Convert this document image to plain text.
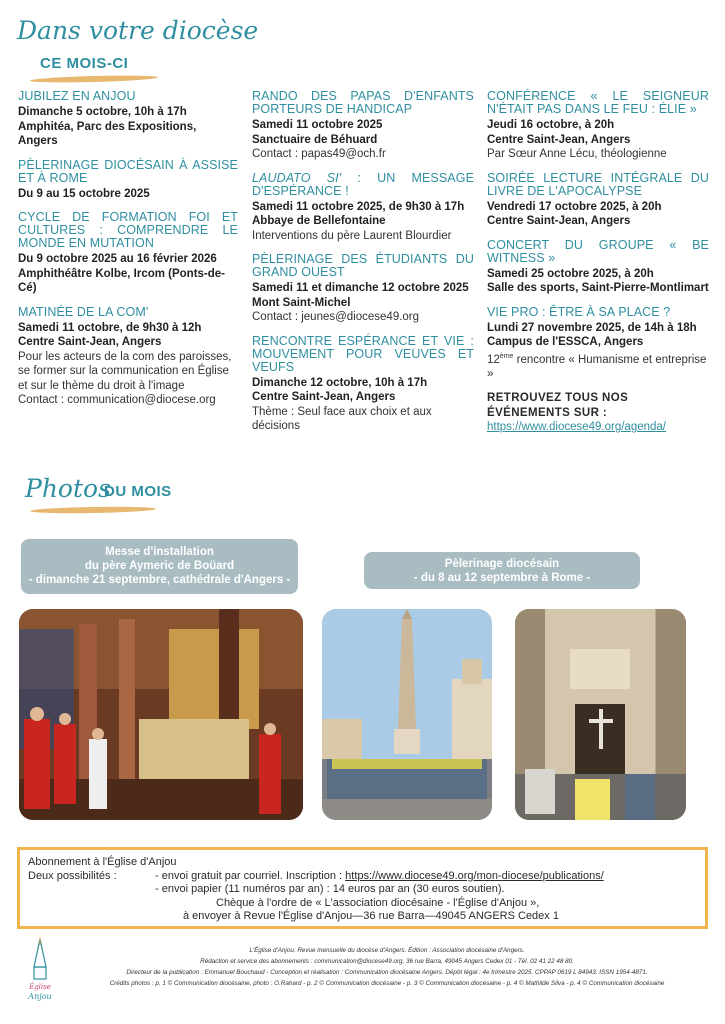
Dans votre diocèse
CE MOIS-CI
JUBILEZ EN ANJOU
Dimanche 5 octobre, 10h à 17h
Amphitéa, Parc des Expositions, Angers
PÈLERINAGE DIOCÉSAIN À ASSISE ET À ROME
Du 9 au 15 octobre 2025
CYCLE DE FORMATION FOI ET CULTURES : COMPRENDRE LE MONDE EN MUTATION
Du 9 octobre 2025 au 16 février 2026
Amphithéâtre Kolbe, Ircom (Ponts-de-Cé)
MATINÉE DE LA COM'
Samedi 11 octobre, de 9h30 à 12h
Centre Saint-Jean, Angers
Pour les acteurs de la com des paroisses, se former sur la communication en Église et sur le thème du droit à l'image
Contact : communication@diocese.org
RANDO DES PAPAS D'ENFANTS PORTEURS DE HANDICAP
Samedi 11 octobre 2025
Sanctuaire de Béhuard
Contact : papas49@och.fr
LAUDATO SI' : UN MESSAGE D'ESPÉRANCE !
Samedi 11 octobre 2025, de 9h30 à 17h
Abbaye de Bellefontaine
Interventions du père Laurent Blourdier
PÈLERINAGE DES ÉTUDIANTS DU GRAND OUEST
Samedi 11 et dimanche 12 octobre 2025
Mont Saint-Michel
Contact : jeunes@diocese49.org
RENCONTRE ESPÉRANCE ET VIE : MOUVEMENT POUR VEUVES ET VEUFS
Dimanche 12 octobre, 10h à 17h
Centre Saint-Jean, Angers
Thème : Seul face aux choix et aux décisions
CONFÉRENCE « LE SEIGNEUR N'ÉTAIT PAS DANS LE FEU : ÉLIE »
Jeudi 16 octobre, à 20h
Centre Saint-Jean, Angers
Par Sœur Anne Lécu, théologienne
SOIRÉE LECTURE INTÉGRALE DU LIVRE DE L'APOCALYPSE
Vendredi 17 octobre 2025, à 20h
Centre Saint-Jean, Angers
CONCERT DU GROUPE « BE WITNESS »
Samedi 25 octobre 2025, à 20h
Salle des sports, Saint-Pierre-Montlimart
VIE PRO : ÊTRE À SA PLACE ?
Lundi 27 novembre 2025, de 14h à 18h
Campus de l'ESSCA, Angers
12ème rencontre « Humanisme et entreprise »
RETROUVEZ TOUS NOS ÉVÉNEMENTS SUR : https://www.diocese49.org/agenda/
Photos
DU MOIS
Messe d'installation
du père Aymeric de Boüard
- dimanche 21 septembre, cathédrale d'Angers -
Pèlerinage diocésain
- du 8 au 12 septembre à Rome -
Abonnement à l'Église d'Anjou
Deux possibilités :	- envoi gratuit par courriel. Inscription : https://www.diocese49.org/mon-diocese/publications/
- envoi papier (11 numéros par an) : 14 euros par an (30 euros soutien).
Chèque à l'ordre de « L'association diocésaine - l'Église d'Anjou »,
à envoyer à Revue l'Église d'Anjou—36 rue Barra—49045 ANGERS Cedex 1
Église
Anjou
L'Église d'Anjou. Revue mensuelle du diocèse d'Angers. Édition : Association diocésaine d'Angers.
Rédaction et service des abonnements : communication@diocese49.org, 36 rue Barra, 49045 Angers Cedex 01 - Tél. 02 41 22 48 80.
Directeur de la publication : Emmanuel Bouchaud - Conception et réalisation : Communication diocésaine Angers. Dépôt légal : 4e trimestre 2025. CPPAP 0619 L 84943. ISSN 1954-4871.
Crédits photos : p. 1 © Communication diocésaine, photo : O.Rahard - p. 2 © Communication diocésaine - p. 3 © Communication diocésaine - p. 4 © Mathilde Silva - p. 4 © Communication diocésaine
